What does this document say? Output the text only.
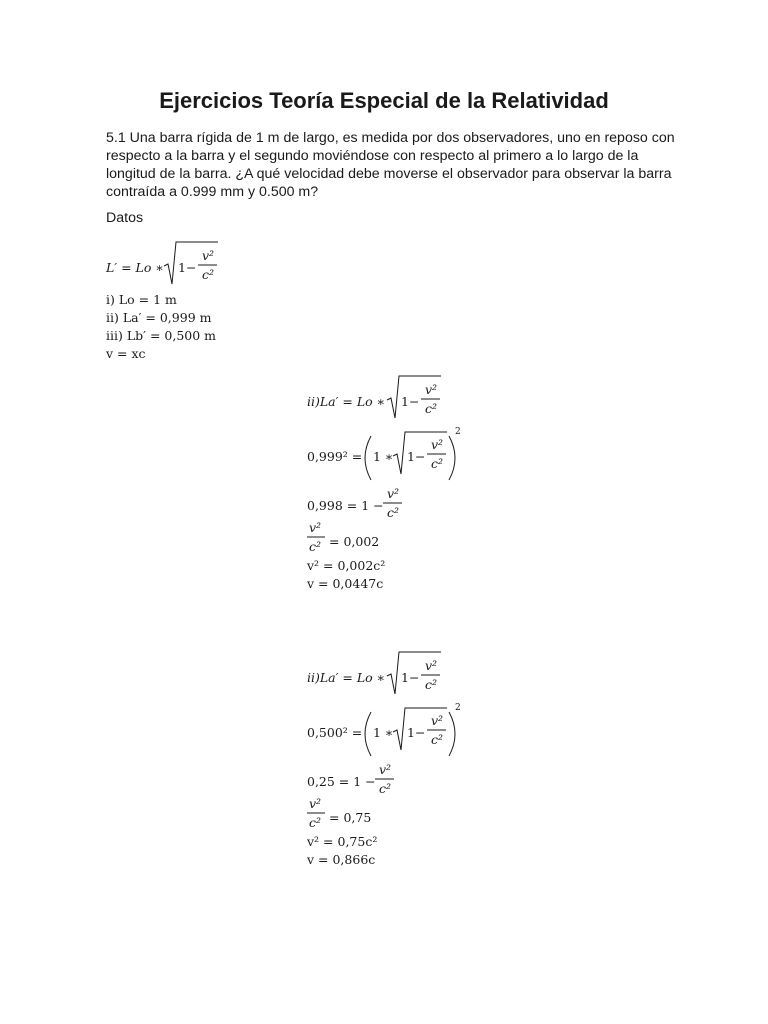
Ejercicios Teoría Especial de la Relatividad
5.1 Una barra rígida de 1 m de largo, es medida por dos observadores, uno en reposo con respecto a la barra y el segundo moviéndose con respecto al primero a lo largo de la longitud de la barra. ¿A qué velocidad debe moverse el observador para observar la barra contraída a 0.999 mm y 0.500 m?
Datos
L′ = Lo ∗ 1−
v²
c²
i) Lo = 1 m
ii) La′ = 0,999 m
iii) Lb′ = 0,500 m
v = xc
ii)La′ = Lo ∗ 1−
v²
c²
0,999² = 1 ∗ 1−
v²
c²
2
0,998 = 1 −
v²
c²
v²
c² = 0,002
v² = 0,002c²
v = 0,0447c
ii)La′ = Lo ∗ 1−
v²
c²
0,500² = 1 ∗ 1−
v²
c²
2
0,25 = 1 −
v²
c²
v²
c² = 0,75
v² = 0,75c²
v = 0,866c
